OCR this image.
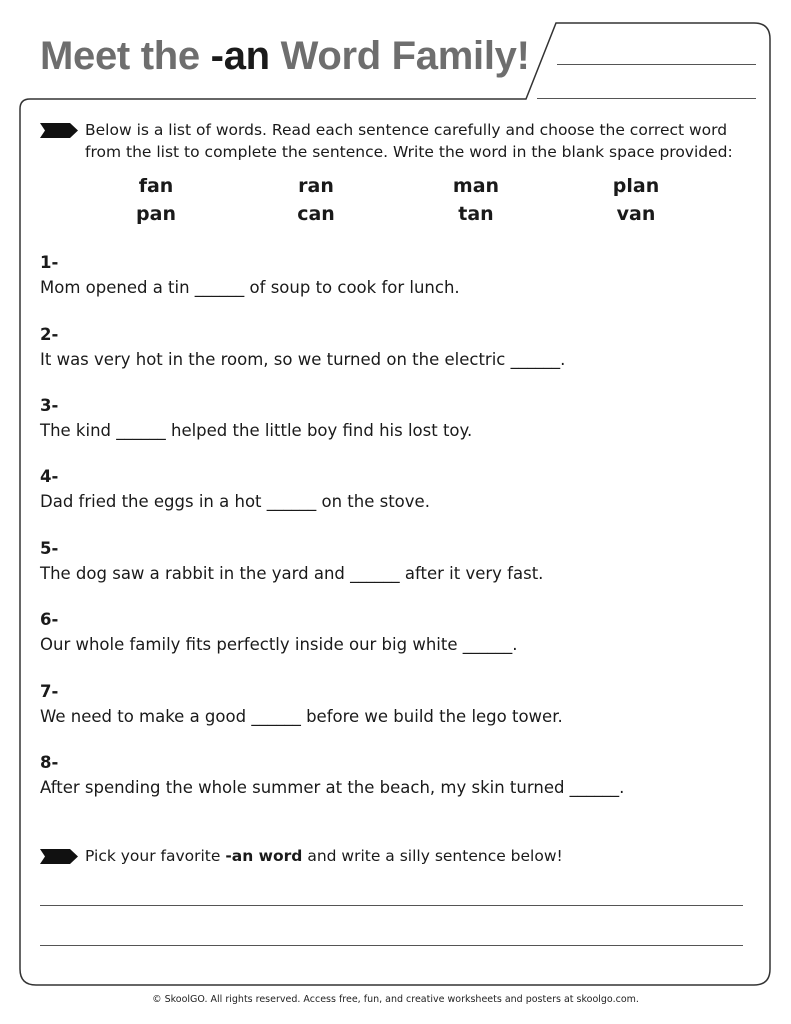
Meet the -an Word Family!
Below is a list of words. Read each sentence carefully and choose the correct word from the list to complete the sentence. Write the word in the blank space provided:
fan	ran	man	plan
pan	can	tan	van
1-
Mom opened a tin ______ of soup to cook for lunch.
2-
It was very hot in the room, so we turned on the electric ______.
3-
The kind ______ helped the little boy find his lost toy.
4-
Dad fried the eggs in a hot ______ on the stove.
5-
The dog saw a rabbit in the yard and ______ after it very fast.
6-
Our whole family fits perfectly inside our big white ______.
7-
We need to make a good ______ before we build the lego tower.
8-
After spending the whole summer at the beach, my skin turned ______.
Pick your favorite -an word and write a silly sentence below!
© SkoolGO. All rights reserved. Access free, fun, and creative worksheets and posters at skoolgo.com.
